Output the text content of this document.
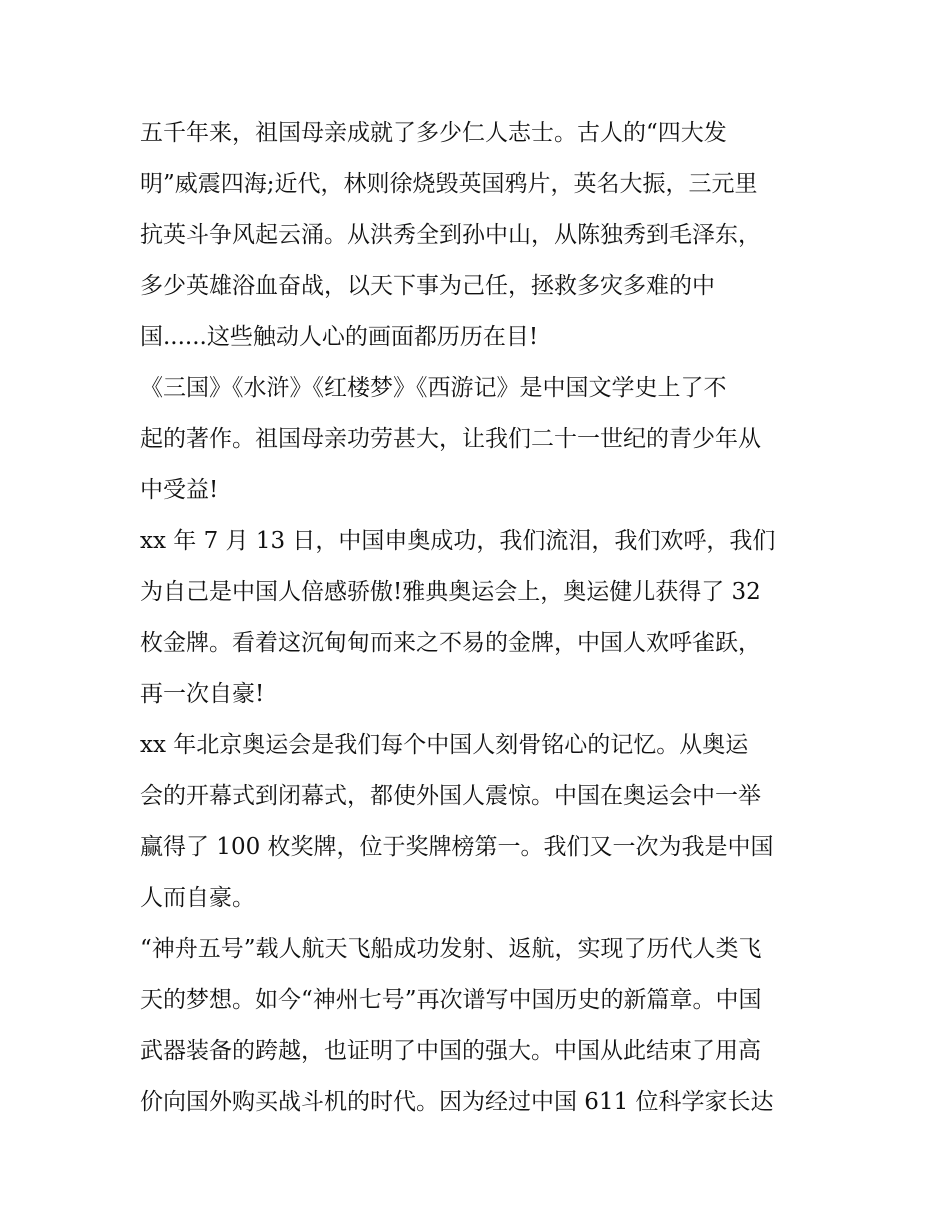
五千年来，祖国母亲成就了多少仁人志士。古人的“四大发
明”威震四海;近代，林则徐烧毁英国鸦片，英名大振，三元里
抗英斗争风起云涌。从洪秀全到孙中山，从陈独秀到毛泽东，
多少英雄浴血奋战，以天下事为己任，拯救多灾多难的中
国......这些触动人心的画面都历历在目!
《三国》《水浒》《红楼梦》《西游记》是中国文学史上了不
起的著作。祖国母亲功劳甚大，让我们二十一世纪的青少年从
中受益!
xx 年 7 月 13 日，中国申奥成功，我们流泪，我们欢呼，我们
为自己是中国人倍感骄傲!雅典奥运会上，奥运健儿获得了 32
枚金牌。看着这沉甸甸而来之不易的金牌，中国人欢呼雀跃，
再一次自豪!
xx 年北京奥运会是我们每个中国人刻骨铭心的记忆。从奥运
会的开幕式到闭幕式，都使外国人震惊。中国在奥运会中一举
赢得了 100 枚奖牌，位于奖牌榜第一。我们又一次为我是中国
人而自豪。
“神舟五号”载人航天飞船成功发射、返航，实现了历代人类飞
天的梦想。如今“神州七号”再次谱写中国历史的新篇章。中国
武器装备的跨越，也证明了中国的强大。中国从此结束了用高
价向国外购买战斗机的时代。因为经过中国 611 位科学家长达
